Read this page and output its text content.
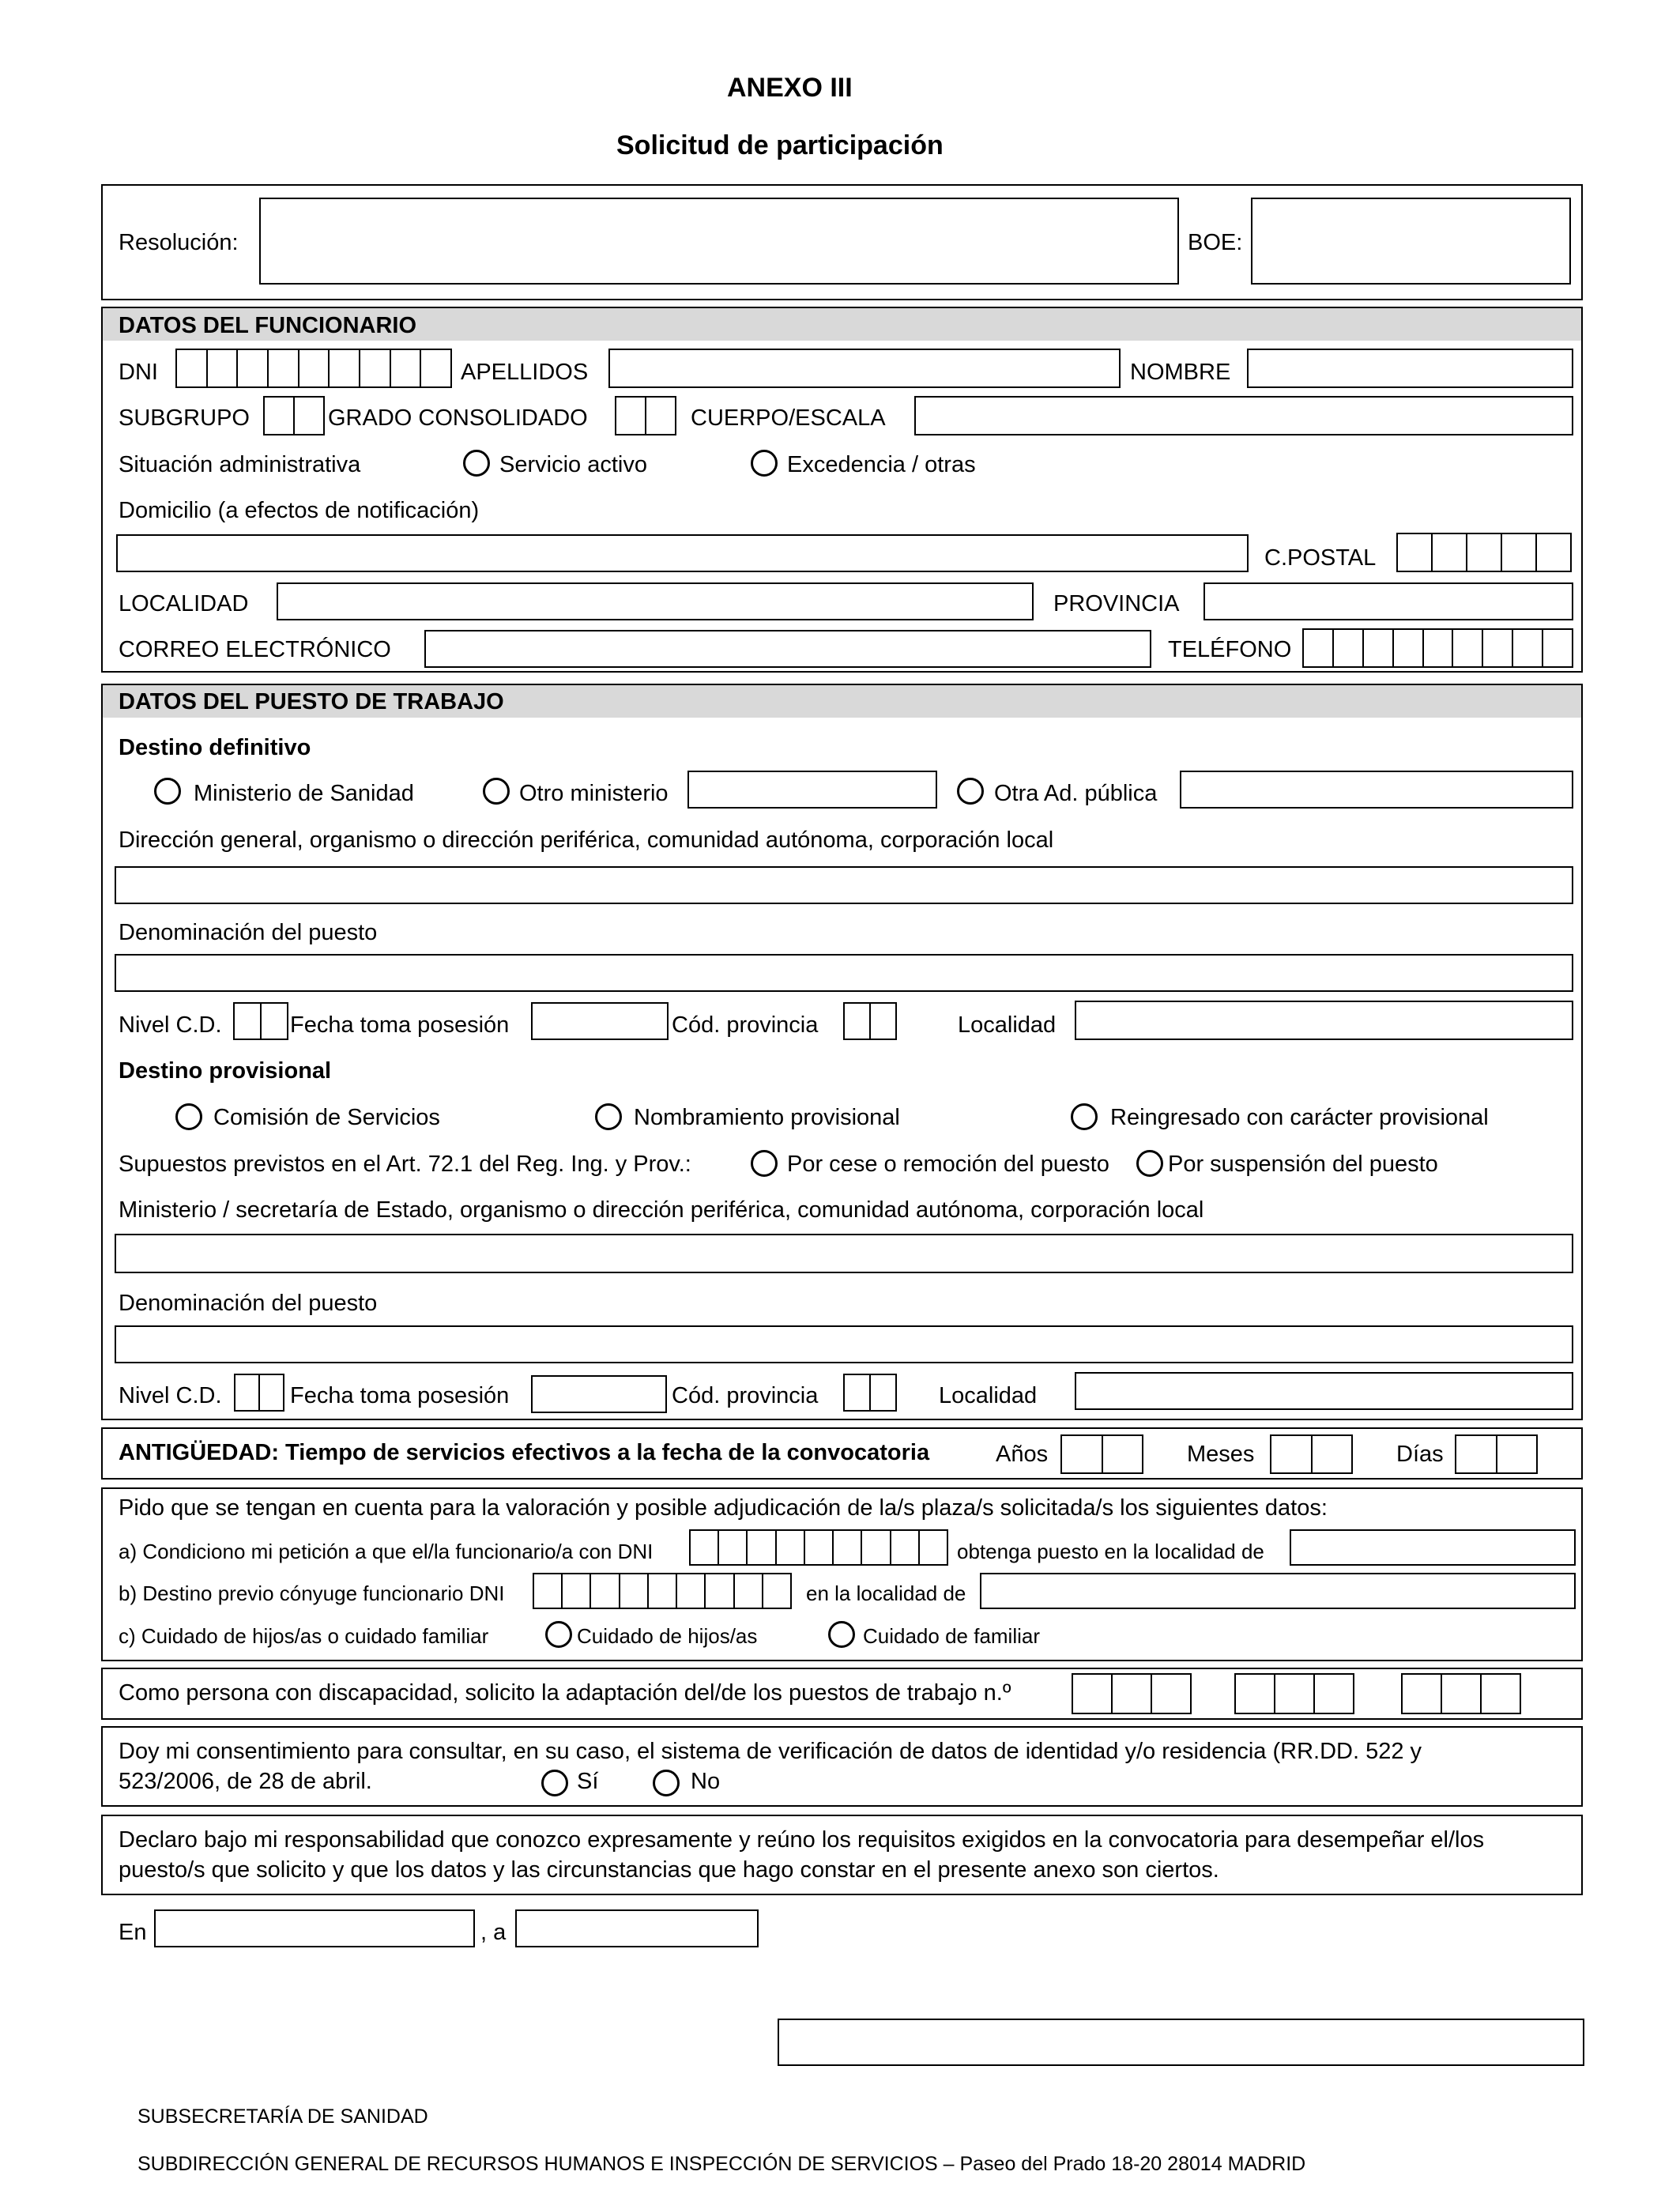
ANEXO III
Solicitud de participación
Resolución:	BOE:
DATOS DEL FUNCIONARIO
DNI	APELLIDOS	NOMBRE
SUBGRUPO	GRADO CONSOLIDADO	CUERPO/ESCALA
Situación administrativa	Servicio activo	Excedencia / otras
Domicilio (a efectos de notificación)
C.POSTAL
LOCALIDAD	PROVINCIA
CORREO ELECTRÓNICO	TELÉFONO
DATOS DEL PUESTO DE TRABAJO
Destino definitivo
Ministerio de Sanidad	Otro ministerio	Otra Ad. pública
Dirección general, organismo o dirección periférica, comunidad autónoma, corporación local
Denominación del puesto
Nivel C.D.	Fecha toma posesión	Cód. provincia	Localidad
Destino provisional
Comisión de Servicios	Nombramiento provisional	Reingresado con carácter provisional
Supuestos previstos en el Art. 72.1 del Reg. Ing. y Prov.:	Por cese o remoción del puesto	Por suspensión del puesto
Ministerio / secretaría de Estado, organismo o dirección periférica, comunidad autónoma, corporación local
Denominación del puesto
Nivel C.D.	Fecha toma posesión	Cód. provincia	Localidad
ANTIGÜEDAD: Tiempo de servicios efectivos a la fecha de la convocatoria	Años	Meses	Días
Pido que se tengan en cuenta para la valoración y posible adjudicación de la/s plaza/s solicitada/s los siguientes datos:
a) Condiciono mi petición a que el/la funcionario/a con DNI	obtenga puesto en la localidad de
b) Destino previo cónyuge funcionario DNI	en la localidad de
c) Cuidado de hijos/as o cuidado familiar	Cuidado de hijos/as	Cuidado de familiar
Como persona con discapacidad, solicito la adaptación del/de los puestos de trabajo n.º
Doy mi consentimiento para consultar, en su caso, el sistema de verificación de datos de identidad y/o residencia (RR.DD. 522 y
523/2006, de 28 de abril.	Sí	No
Declaro bajo mi responsabilidad que conozco expresamente y reúno los requisitos exigidos en la convocatoria para desempeñar el/los
puesto/s que solicito y que los datos y las circunstancias que hago constar en el presente anexo son ciertos.
En	, a
SUBSECRETARÍA DE SANIDAD
SUBDIRECCIÓN GENERAL DE RECURSOS HUMANOS E INSPECCIÓN DE SERVICIOS – Paseo del Prado 18-20 28014 MADRID
